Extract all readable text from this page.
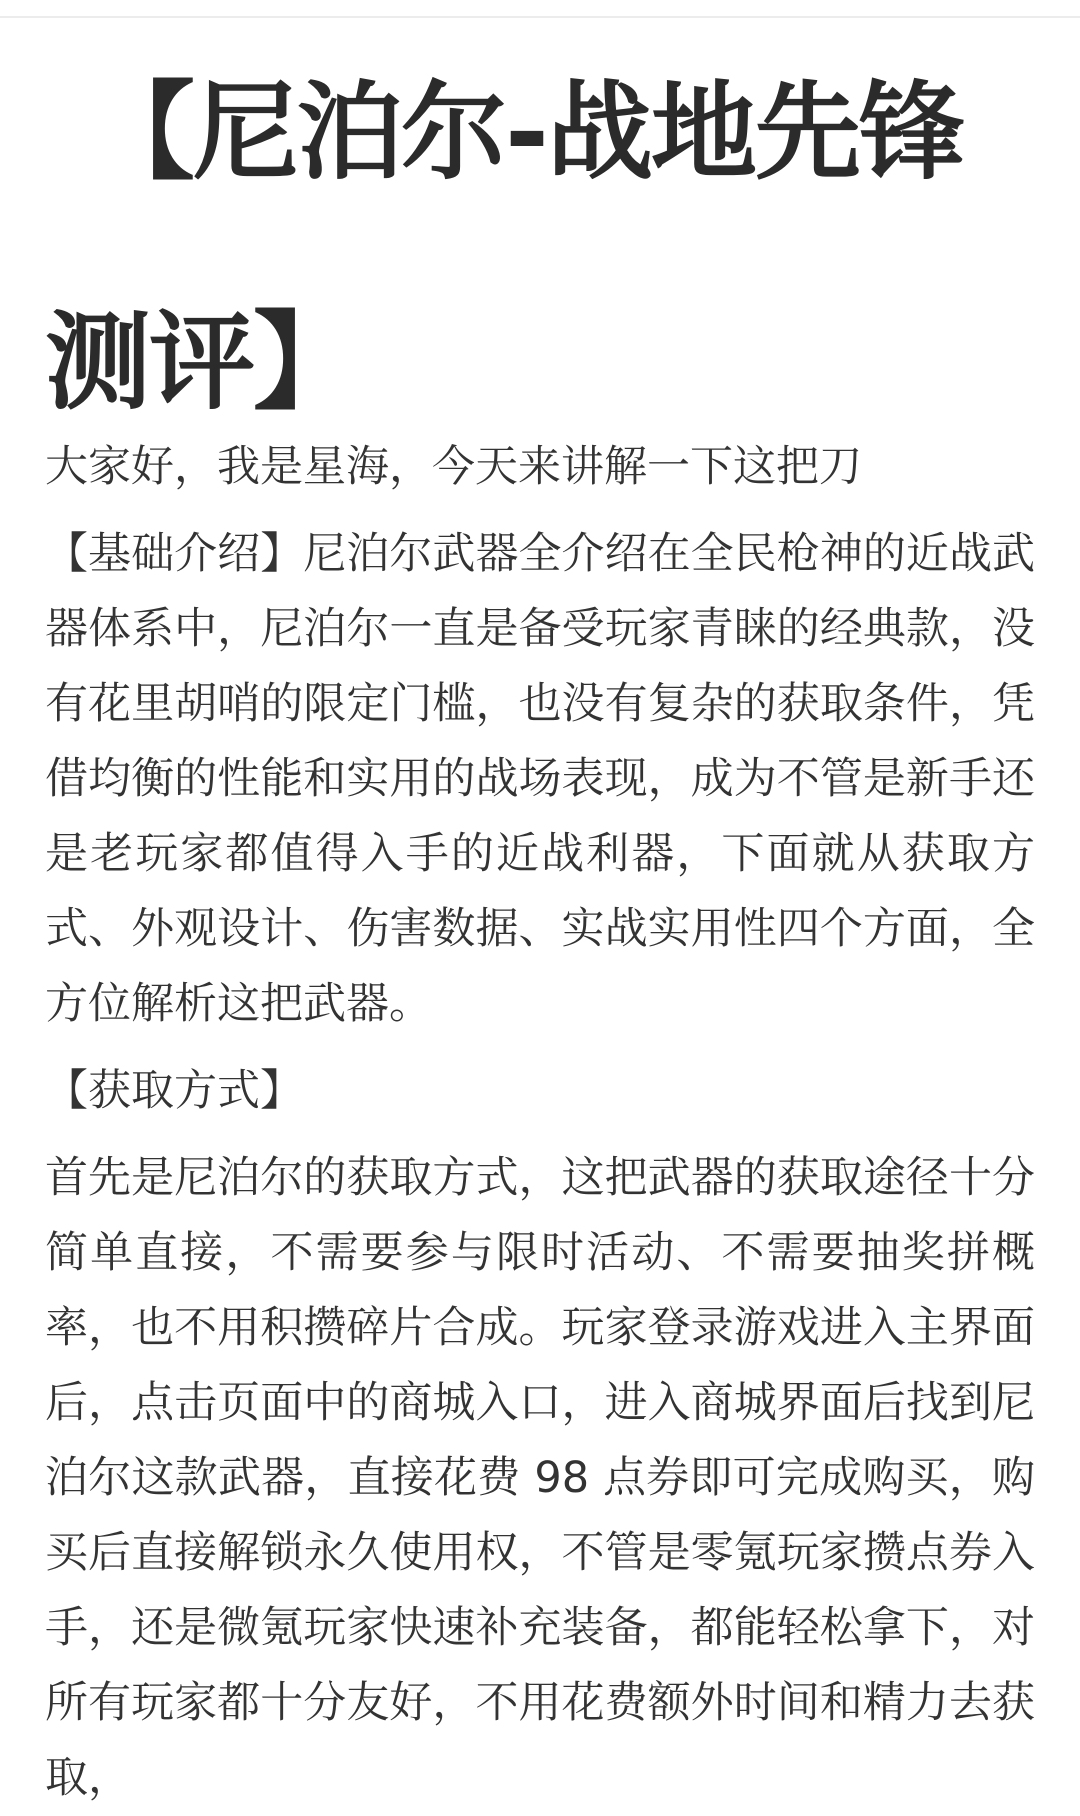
【尼泊尔-战地先锋测评】

大家好，我是星海，今天来讲解一下这把刀

【基础介绍】尼泊尔武器全介绍在全民枪神的近战武器体系中，尼泊尔一直是备受玩家青睐的经典款，没有花里胡哨的限定门槛，也没有复杂的获取条件，凭借均衡的性能和实用的战场表现，成为不管是新手还是老玩家都值得入手的近战利器，下面就从获取方式、外观设计、伤害数据、实战实用性四个方面，全方位解析这把武器。

【获取方式】

首先是尼泊尔的获取方式，这把武器的获取途径十分简单直接，不需要参与限时活动、不需要抽奖拼概率，也不用积攒碎片合成。玩家登录游戏进入主界面后，点击页面中的商城入口，进入商城界面后找到尼泊尔这款武器，直接花费 98 点券即可完成购买，购买后直接解锁永久使用权，不管是零氪玩家攒点券入手，还是微氪玩家快速补充装备，都能轻松拿下，对所有玩家都十分友好，不用花费额外时间和精力去获取，
